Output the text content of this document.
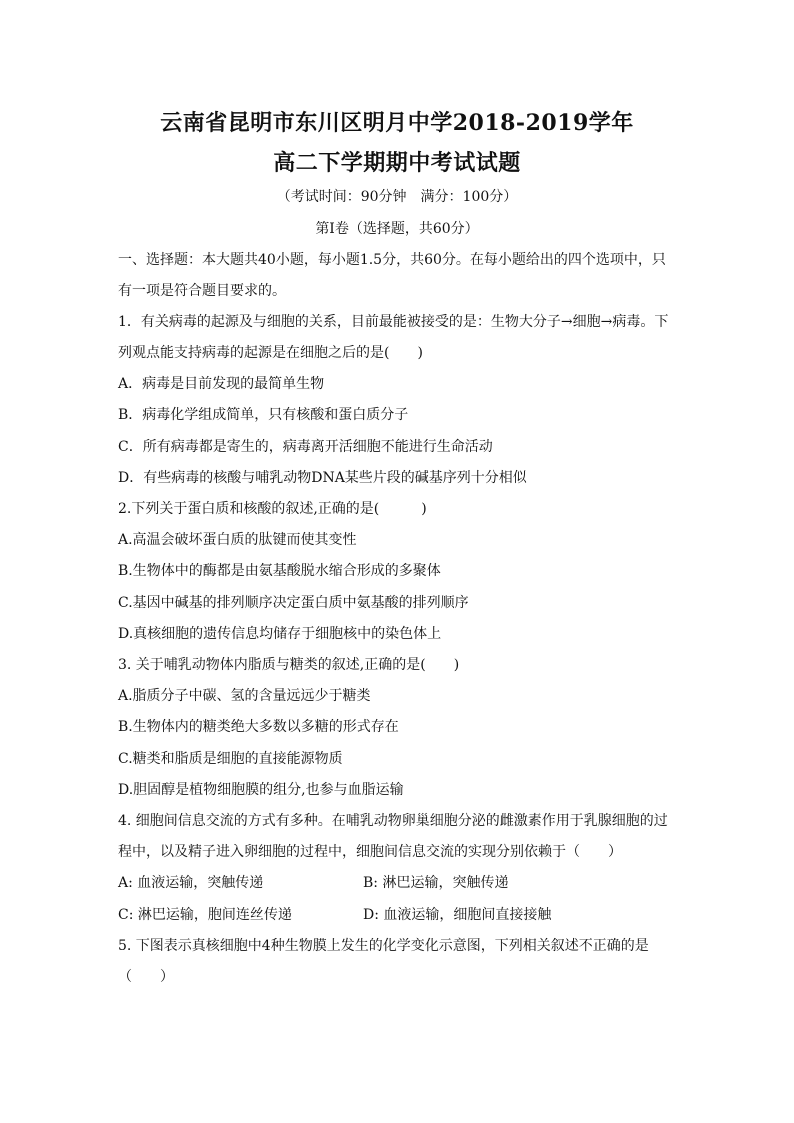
云南省昆明市东川区明月中学2018-2019学年
高二下学期期中考试试题
（考试时间：90分钟　满分：100分）
第Ⅰ卷（选择题，共60分）
一、选择题：本大题共40小题，每小题1.5分，共60分。在每小题给出的四个选项中，只
有一项是符合题目要求的。
1．有关病毒的起源及与细胞的关系，目前最能被接受的是：生物大分子→细胞→病毒。下
列观点能支持病毒的起源是在细胞之后的是(　　)
A．病毒是目前发现的最简单生物
B．病毒化学组成简单，只有核酸和蛋白质分子
C．所有病毒都是寄生的，病毒离开活细胞不能进行生命活动
D．有些病毒的核酸与哺乳动物DNA某些片段的碱基序列十分相似
2.下列关于蛋白质和核酸的叙述,正确的是(　　　)
A.高温会破坏蛋白质的肽键而使其变性
B.生物体中的酶都是由氨基酸脱水缩合形成的多聚体
C.基因中碱基的排列顺序决定蛋白质中氨基酸的排列顺序
D.真核细胞的遗传信息均储存于细胞核中的染色体上
3. 关于哺乳动物体内脂质与糖类的叙述,正确的是(　　)
A.脂质分子中碳、氢的含量远远少于糖类
B.生物体内的糖类绝大多数以多糖的形式存在
C.糖类和脂质是细胞的直接能源物质
D.胆固醇是植物细胞膜的组分,也参与血脂运输
4. 细胞间信息交流的方式有多种。在哺乳动物卵巢细胞分泌的雌激素作用于乳腺细胞的过
程中，以及精子进入卵细胞的过程中，细胞间信息交流的实现分别依赖于（　　）
A: 血液运输，突触传递	B: 淋巴运输，突触传递
C: 淋巴运输，胞间连丝传递	D: 血液运输，细胞间直接接触
5. 下图表示真核细胞中4种生物膜上发生的化学变化示意图，下列相关叙述不正确的是
（　　）
